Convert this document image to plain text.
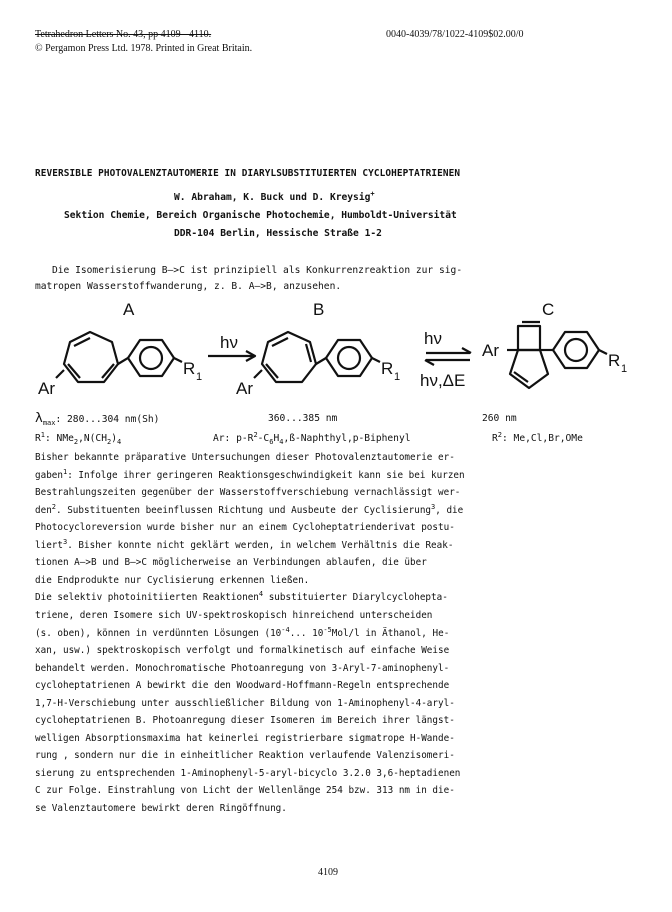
Tetrahedron Letters No. 43, pp 4109 - 4110.
© Pergamon Press Ltd. 1978. Printed in Great Britain.
0040-4039/78/1022-4109$02.00/0
REVERSIBLE PHOTOVALENZTAUTOMERIE IN DIARYLSUBSTITUIERTEN CYCLOHEPTATRIENEN
W. Abraham, K. Buck und D. Kreysig+
Sektion Chemie, Bereich Organische Photochemie, Humboldt-Universität
DDR-104 Berlin, Hessische Straße 1-2
Die Isomerisierung B—>C ist prinzipiell als Konkurrenzreaktion zur sig-
matropen Wasserstoffwanderung, z. B. A—>B, anzusehen.
A	B	C
Ar
R 1
hν
Ar
R 1
hν
hν,ΔE
Ar
R 1
$\lambda_{max}$: 280...304 nm(Sh)	360...385 nm	260 nm
$R^1$: $NMe_2,N(CH_2)_4$	Ar: $p-R^2-C_6H_4,ß-Naphthyl,p$-Biphenyl	$R^2$: Me,Cl,Br,OMe
Bisher bekannte präparative Untersuchungen dieser Photovalenztautomerie er-
gaben$^1$: Infolge ihrer geringeren Reaktionsgeschwindigkeit kann sie bei kurzen
Bestrahlungszeiten gegenüber der Wasserstoffverschiebung vernachlässigt wer-
den$^2$. Substituenten beeinflussen Richtung und Ausbeute der Cyclisierung$^3$, die
Photocycloreversion wurde bisher nur an einem Cycloheptatrienderivat postu-
liert$^3$. Bisher konnte nicht geklärt werden, in welchem Verhältnis die Reak-
tionen A—>B und B—>C möglicherweise an Verbindungen ablaufen, die über
die Endprodukte nur Cyclisierung erkennen ließen.
Die selektiv photoinitiierten Reaktionen$^4$ substituierter Diarylcyclohepta-
triene, deren Isomere sich UV-spektroskopisch hinreichend unterscheiden
(s. oben), können in verdünnten Lösungen ($10^{-4}$... $10^{-5}Mol/l$ in Äthanol, He-
xan, usw.) spektroskopisch verfolgt und formalkinetisch auf einfache Weise
behandelt werden. Monochromatische Photoanregung von 3-Aryl-7-aminophenyl-
cycloheptatrienen A bewirkt die den Woodward-Hoffmann-Regeln entsprechende
1,7-H-Verschiebung unter ausschließlicher Bildung von 1-Aminophenyl-4-aryl-
cycloheptatrienen B. Photoanregung dieser Isomeren im Bereich ihrer längst-
welligen Absorptionsmaxima hat keinerlei registrierbare sigmatrope H-Wande-
rung , sondern nur die in einheitlicher Reaktion verlaufende Valenzisomeri-
sierung zu entsprechenden 1-Aminophenyl-5-aryl-bicyclo 3.2.0 3,6-heptadienen
C zur Folge. Einstrahlung von Licht der Wellenlänge 254 bzw. 313 nm in die-
se Valenztautomere bewirkt deren Ringöffnung.
4109
